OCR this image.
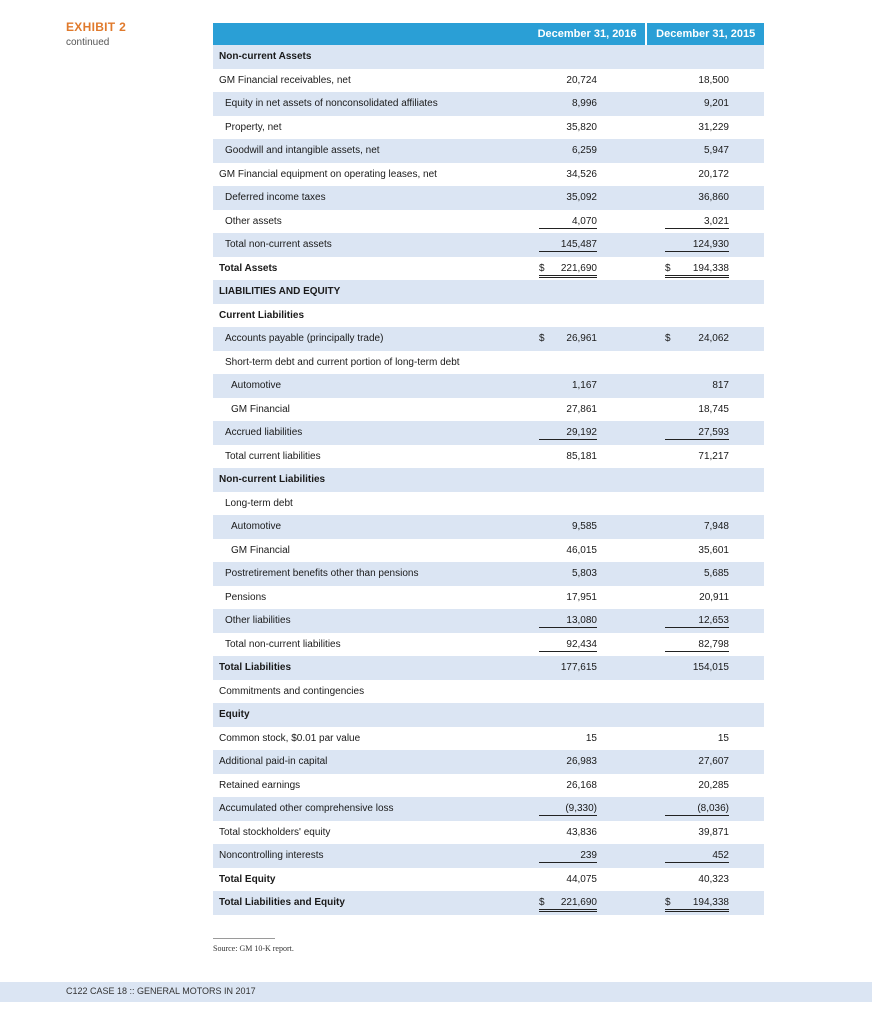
EXHIBIT 2
continued
December 31, 2016	December 31, 2015
Non-current Assets
GM Financial receivables, net	20,724	18,500
Equity in net assets of nonconsolidated affiliates	8,996	9,201
Property, net	35,820	31,229
Goodwill and intangible assets, net	6,259	5,947
GM Financial equipment on operating leases, net	34,526	20,172
Deferred income taxes	35,092	36,860
Other assets	4,070	3,021
Total non-current assets	145,487	124,930
Total Assets	$ 221,690	$ 194,338
LIABILITIES AND EQUITY
Current Liabilities
Accounts payable (principally trade)	$ 26,961	$	24,062
Short-term debt and current portion of long-term debt
Automotive	1,167	817
GM Financial	27,861	18,745
Accrued liabilities	29,192	27,593
Total current liabilities	85,181	71,217
Non-current Liabilities
Long-term debt
Automotive	9,585	7,948
GM Financial	46,015	35,601
Postretirement benefits other than pensions	5,803	5,685
Pensions	17,951	20,911
Other liabilities	13,080	12,653
Total non-current liabilities	92,434	82,798
Total Liabilities	177,615	154,015
Commitments and contingencies
Equity
Common stock, $0.01 par value	15	15
Additional paid-in capital	26,983	27,607
Retained earnings	26,168	20,285
Accumulated other comprehensive loss	(9,330)	(8,036)
Total stockholders' equity	43,836	39,871
Noncontrolling interests	239	452
Total Equity	44,075	40,323
Total Liabilities and Equity	$ 221,690	$ 194,338
Source: GM 10-K report.
C122 CASE 18 :: GENERAL MOTORS IN 2017
